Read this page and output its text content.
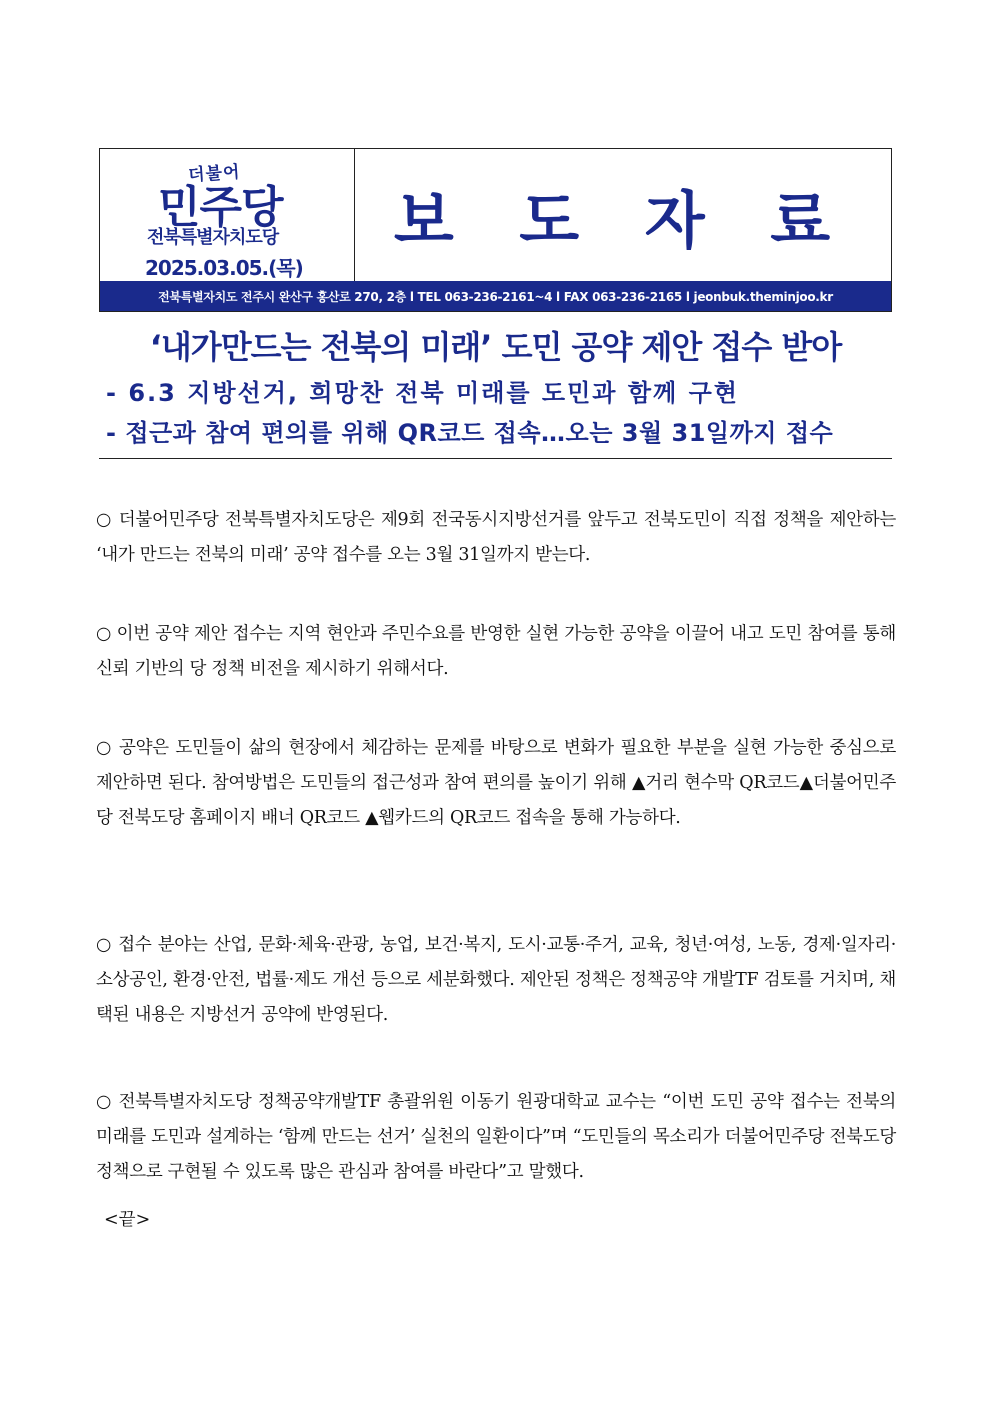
더불어
민주당
전북특별자치도당
2025.03.05.(목)
보 도 자 료
전북특별자치도 전주시 완산구 홍산로 270, 2층 l TEL 063-236-2161~4 l FAX 063-236-2165 l jeonbuk.theminjoo.kr
‘내가만드는 전북의 미래’ 도민 공약 제안 접수 받아
- 6.3 지방선거, 희망찬 전북 미래를 도민과 함께 구현
- 접근과 참여 편의를 위해 QR코드 접속…오는 3월 31일까지 접수
○ 더불어민주당 전북특별자치도당은 제9회 전국동시지방선거를 앞두고 전북도민이 직접 정책을 제안하는 ‘내가 만드는 전북의 미래’ 공약 접수를 오는 3월 31일까지 받는다.
○ 이번 공약 제안 접수는 지역 현안과 주민수요를 반영한 실현 가능한 공약을 이끌어 내고 도민 참여를 통해 신뢰 기반의 당 정책 비전을 제시하기 위해서다.
○ 공약은 도민들이 삶의 현장에서 체감하는 문제를 바탕으로 변화가 필요한 부분을 실현 가능한 중심으로 제안하면 된다. 참여방법은 도민들의 접근성과 참여 편의를 높이기 위해 ▲거리 현수막 QR코드▲더불어민주당 전북도당 홈페이지 배너 QR코드 ▲웹카드의 QR코드 접속을 통해 가능하다.
○ 접수 분야는 산업, 문화·체육·관광, 농업, 보건·복지, 도시·교통·주거, 교육, 청년·여성, 노동, 경제·일자리·소상공인, 환경·안전, 법률·제도 개선 등으로 세분화했다. 제안된 정책은 정책공약 개발TF 검토를 거치며, 채택된 내용은 지방선거 공약에 반영된다.
○ 전북특별자치도당 정책공약개발TF 총괄위원 이동기 원광대학교 교수는 “이번 도민 공약 접수는 전북의 미래를 도민과 설계하는 ‘함께 만드는 선거’ 실천의 일환이다”며 “도민들의 목소리가 더불어민주당 전북도당 정책으로 구현될 수 있도록 많은 관심과 참여를 바란다”고 말했다.
<끝>
